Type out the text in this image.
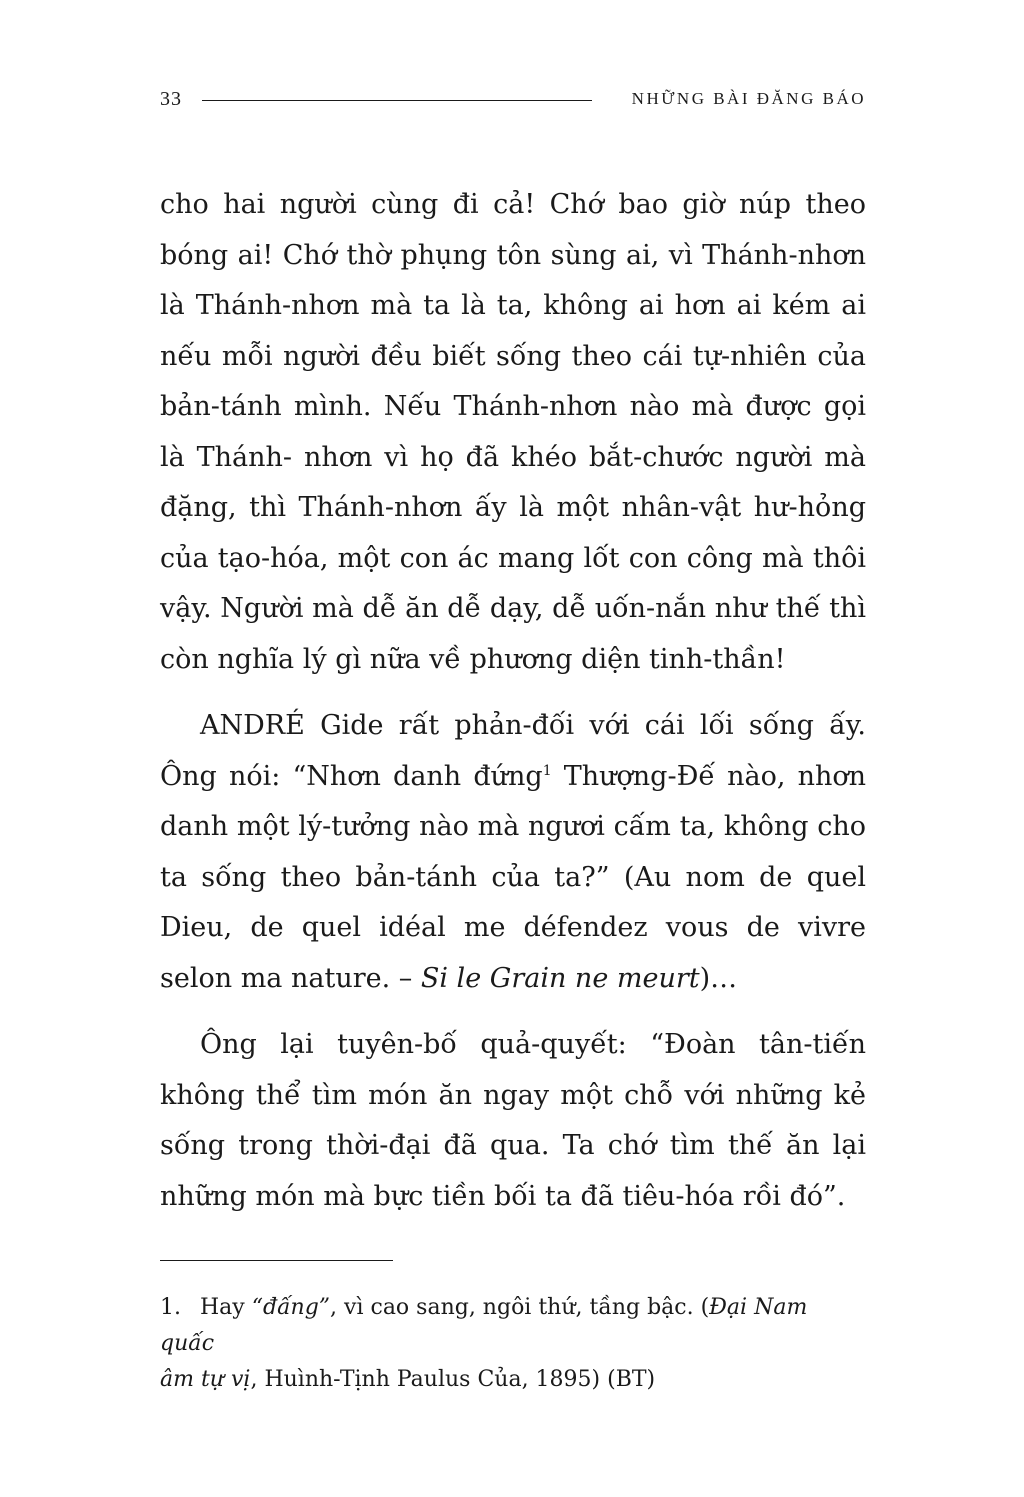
33	NHỮNG BÀI ĐĂNG BÁO

cho hai người cùng đi cả! Chớ bao giờ núp theo bóng ai! Chớ thờ phụng tôn sùng ai, vì Thánh-nhơn là Thánh-nhơn mà ta là ta, không ai hơn ai kém ai nếu mỗi người đều biết sống theo cái tự-nhiên của bản-tánh mình. Nếu Thánh-nhơn nào mà được gọi là Thánh- nhơn vì họ đã khéo bắt-chước người mà đặng, thì Thánh-nhơn ấy là một nhân-vật hư-hỏng của tạo-hóa, một con ác mang lốt con công mà thôi vậy. Người mà dễ ăn dễ dạy, dễ uốn-nắn như thế thì còn nghĩa lý gì nữa về phương diện tinh-thần!

ANDRÉ Gide rất phản-đối với cái lối sống ấy. Ông nói: “Nhơn danh đứng$^1$ Thượng-Đế nào, nhơn danh một lý-tưởng nào mà ngươi cấm ta, không cho ta sống theo bản-tánh của ta?” (Au nom de quel Dieu, de quel idéal me défendez vous de vivre selon ma nature. – Si le Grain ne meurt)…

Ông lại tuyên-bố quả-quyết: “Đoàn tân-tiến không thể tìm món ăn ngay một chỗ với những kẻ sống trong thời-đại đã qua. Ta chớ tìm thế ăn lại những món mà bực tiền bối ta đã tiêu-hóa rồi đó”.

1. Hay “đấng”, vì cao sang, ngôi thứ, tầng bậc. (Đại Nam quấc
âm tự vị, Huình-Tịnh Paulus Của, 1895) (BT)
